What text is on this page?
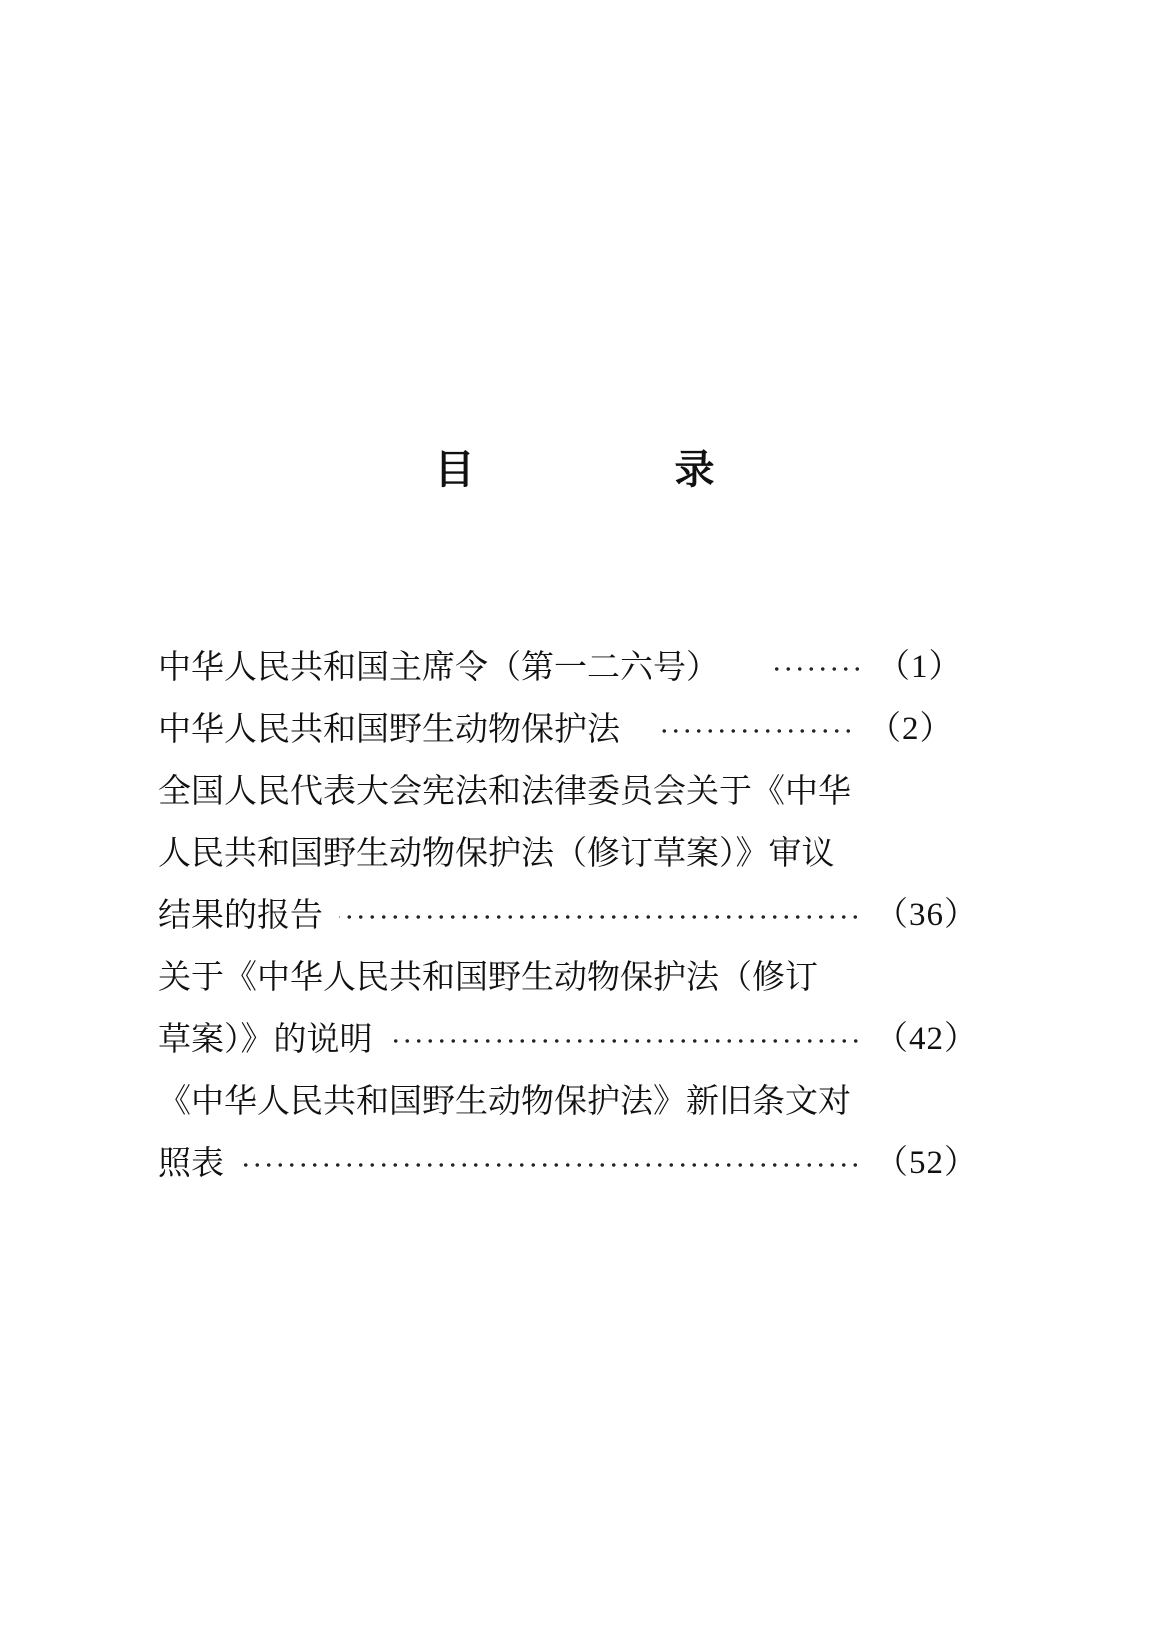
目　录
中华人民共和国主席令（第一二六号）	（1）
中华人民共和国野生动物保护法	（2）
全国人民代表大会宪法和法律委员会关于《中华
人民共和国野生动物保护法（修订草案）》审议
结果的报告	（36）
关于《中华人民共和国野生动物保护法（修订
草案）》的说明	（42）
《中华人民共和国野生动物保护法》新旧条文对
照表	（52）
